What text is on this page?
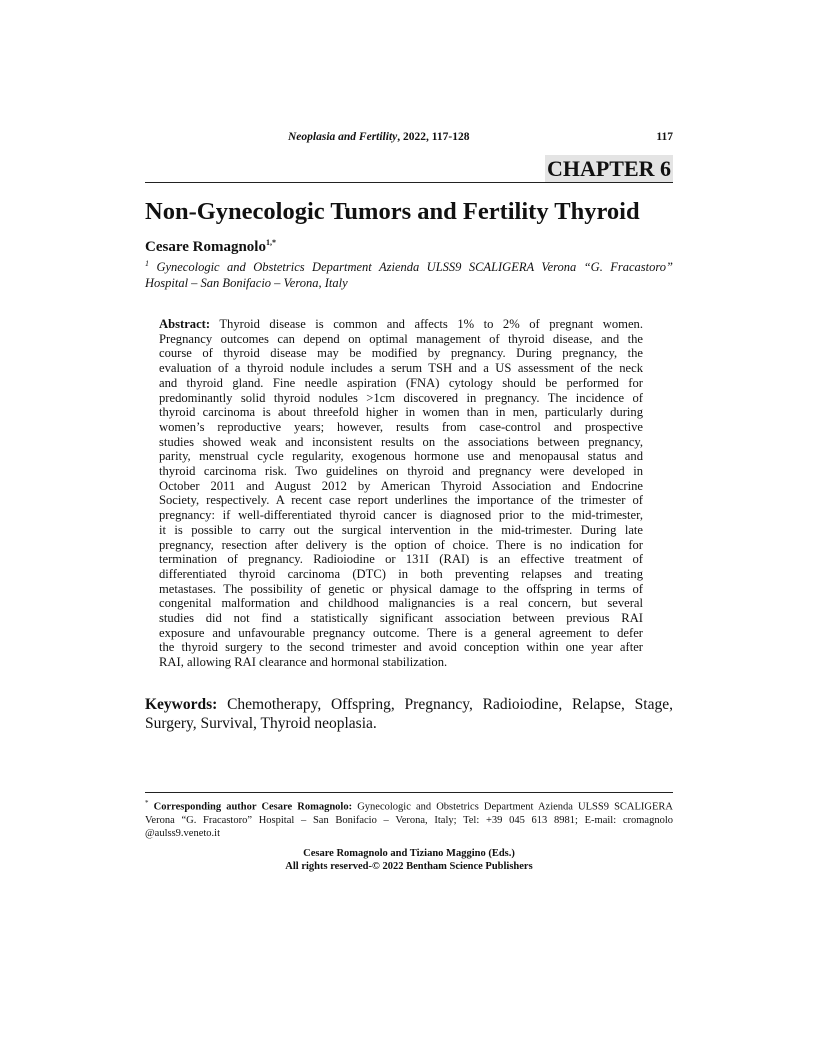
Neoplasia and Fertility, 2022, 117-128	117
CHAPTER 6
Non-Gynecologic Tumors and Fertility Thyroid
Cesare Romagnolo$^{1,*}$
$^1$ Gynecologic and Obstetrics Department Azienda ULSS9 SCALIGERA Verona “G. Fracastoro”
Hospital – San Bonifacio – Verona, Italy
Abstract: Thyroid disease is common and affects 1% to 2% of pregnant women.
Pregnancy outcomes can depend on optimal management of thyroid disease, and the
course of thyroid disease may be modified by pregnancy. During pregnancy, the
evaluation of a thyroid nodule includes a serum TSH and a US assessment of the neck
and thyroid gland. Fine needle aspiration (FNA) cytology should be performed for
predominantly solid thyroid nodules >1cm discovered in pregnancy. The incidence of
thyroid carcinoma is about threefold higher in women than in men, particularly during
women’s reproductive years; however, results from case-control and prospective
studies showed weak and inconsistent results on the associations between pregnancy,
parity, menstrual cycle regularity, exogenous hormone use and menopausal status and
thyroid carcinoma risk. Two guidelines on thyroid and pregnancy were developed in
October 2011 and August 2012 by American Thyroid Association and Endocrine
Society, respectively. A recent case report underlines the importance of the trimester of
pregnancy: if well-differentiated thyroid cancer is diagnosed prior to the mid-trimester,
it is possible to carry out the surgical intervention in the mid-trimester. During late
pregnancy, resection after delivery is the option of choice. There is no indication for
termination of pregnancy. Radioiodine or 131I (RAI) is an effective treatment of
differentiated thyroid carcinoma (DTC) in both preventing relapses and treating
metastases. The possibility of genetic or physical damage to the offspring in terms of
congenital malformation and childhood malignancies is a real concern, but several
studies did not find a statistically significant association between previous RAI
exposure and unfavourable pregnancy outcome. There is a general agreement to defer
the thyroid surgery to the second trimester and avoid conception within one year after
RAI, allowing RAI clearance and hormonal stabilization.
Keywords: Chemotherapy, Offspring, Pregnancy, Radioiodine, Relapse, Stage,
Surgery, Survival, Thyroid neoplasia.
* Corresponding author Cesare Romagnolo: Gynecologic and Obstetrics Department Azienda ULSS9 SCALIGERA
Verona “G. Fracastoro” Hospital – San Bonifacio – Verona, Italy; Tel: +39 045 613 8981; E-mail: cromagnolo
@aulss9.veneto.it
Cesare Romagnolo and Tiziano Maggino (Eds.)
All rights reserved-© 2022 Bentham Science Publishers
